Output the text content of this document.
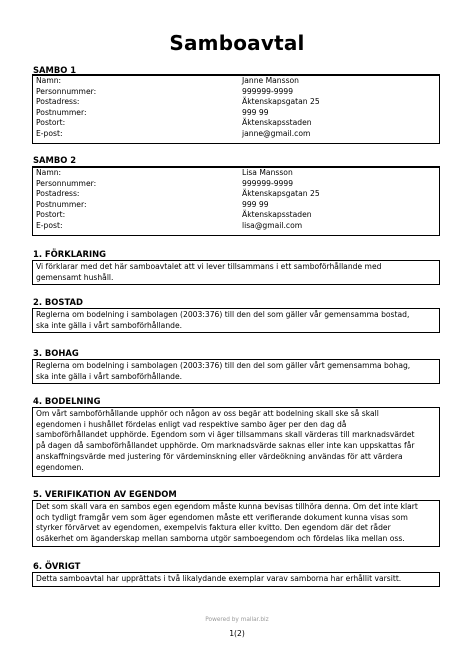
Samboavtal
SAMBO 1
Namn:	Janne Mansson
Personnummer:	999999-9999
Postadress:	Äktenskapsgatan 25
Postnummer:	999 99
Postort:	Äktenskapsstaden
E-post:	janne@gmail.com
SAMBO 2
Namn:	Lisa Mansson
Personnummer:	999999-9999
Postadress:	Äktenskapsgatan 25
Postnummer:	999 99
Postort:	Äktenskapsstaden
E-post:	lisa@gmail.com
1. FÖRKLARING
Vi förklarar med det här samboavtalet att vi lever tillsammans i ett samboförhållande med
gemensamt hushåll.
2. BOSTAD
Reglerna om bodelning i sambolagen (2003:376) till den del som gäller vår gemensamma bostad,
ska inte gälla i vårt samboförhållande.
3. BOHAG
Reglerna om bodelning i sambolagen (2003:376) till den del som gäller vårt gemensamma bohag,
ska inte gälla i vårt samboförhållande.
4. BODELNING
Om vårt samboförhållande upphör och någon av oss begär att bodelning skall ske så skall
egendomen i hushållet fördelas enligt vad respektive sambo äger per den dag då
samboförhållandet upphörde. Egendom som vi äger tillsammans skall värderas till marknadsvärdet
på dagen då samboförhållandet upphörde. Om marknadsvärde saknas eller inte kan uppskattas får
anskaffningsvärde med justering för värdeminskning eller värdeökning användas för att värdera
egendomen.
5. VERIFIKATION AV EGENDOM
Det som skall vara en sambos egen egendom måste kunna bevisas tillhöra denna. Om det inte klart
och tydligt framgår vem som äger egendomen måste ett verifierande dokument kunna visas som
styrker förvärvet av egendomen, exempelvis faktura eller kvitto. Den egendom där det råder
osäkerhet om äganderskap mellan samborna utgör samboegendom och fördelas lika mellan oss.
6. ÖVRIGT
Detta samboavtal har upprättats i två likalydande exemplar varav samborna har erhållit varsitt.
Powered by mallar.biz
1(2)
